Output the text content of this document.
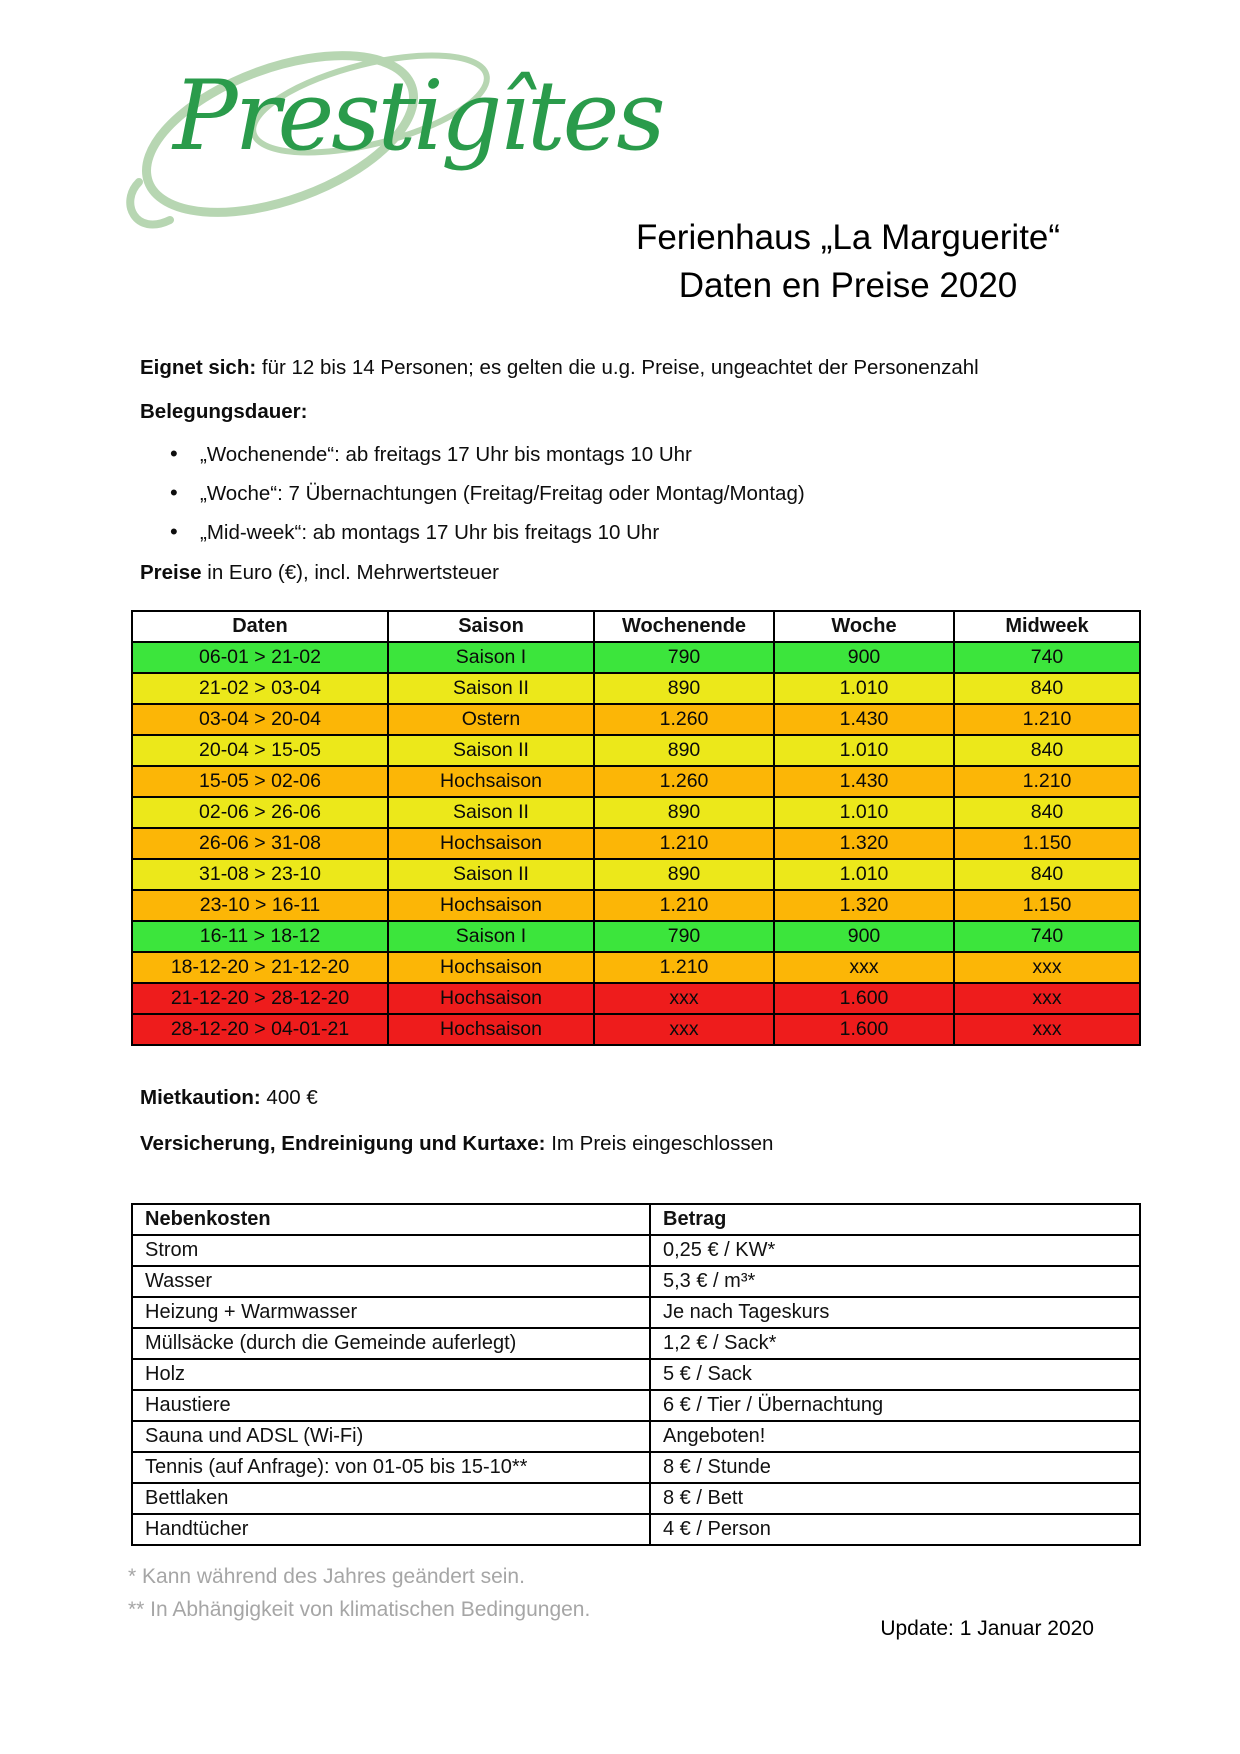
Prestigîtes
Ferienhaus „La Marguerite“
Daten en Preise 2020
Eignet sich: für 12 bis 14 Personen; es gelten die u.g. Preise, ungeachtet der Personenzahl
Belegungsdauer:
• „Wochenende“: ab freitags 17 Uhr bis montags 10 Uhr
• „Woche“: 7 Übernachtungen (Freitag/Freitag oder Montag/Montag)
• „Mid-week“: ab montags 17 Uhr bis freitags 10 Uhr
Preise in Euro (€), incl. Mehrwertsteuer
Daten	Saison	Wochenende	Woche	Midweek
06-01 > 21-02	Saison I	790	900	740
21-02 > 03-04	Saison II	890	1.010	840
03-04 > 20-04	Ostern	1.260	1.430	1.210
20-04 > 15-05	Saison II	890	1.010	840
15-05 > 02-06	Hochsaison	1.260	1.430	1.210
02-06 > 26-06	Saison II	890	1.010	840
26-06 > 31-08	Hochsaison	1.210	1.320	1.150
31-08 > 23-10	Saison II	890	1.010	840
23-10 > 16-11	Hochsaison	1.210	1.320	1.150
16-11 > 18-12	Saison I	790	900	740
18-12-20 > 21-12-20	Hochsaison	1.210	xxx	xxx
21-12-20 > 28-12-20	Hochsaison	xxx	1.600	xxx
28-12-20 > 04-01-21	Hochsaison	xxx	1.600	xxx
Mietkaution: 400 €
Versicherung, Endreinigung und Kurtaxe: Im Preis eingeschlossen
Nebenkosten	Betrag
Strom	0,25 € / KW*
Wasser	5,3 € / m³*
Heizung + Warmwasser	Je nach Tageskurs
Müllsäcke (durch die Gemeinde auferlegt)	1,2 € / Sack*
Holz	5 € / Sack
Haustiere	6 € / Tier / Übernachtung
Sauna und ADSL (Wi-Fi)	Angeboten!
Tennis (auf Anfrage): von 01-05 bis 15-10**	8 € / Stunde
Bettlaken	8 € / Bett
Handtücher	4 € / Person
* Kann während des Jahres geändert sein.
** In Abhängigkeit von klimatischen Bedingungen.
Update: 1 Januar 2020
